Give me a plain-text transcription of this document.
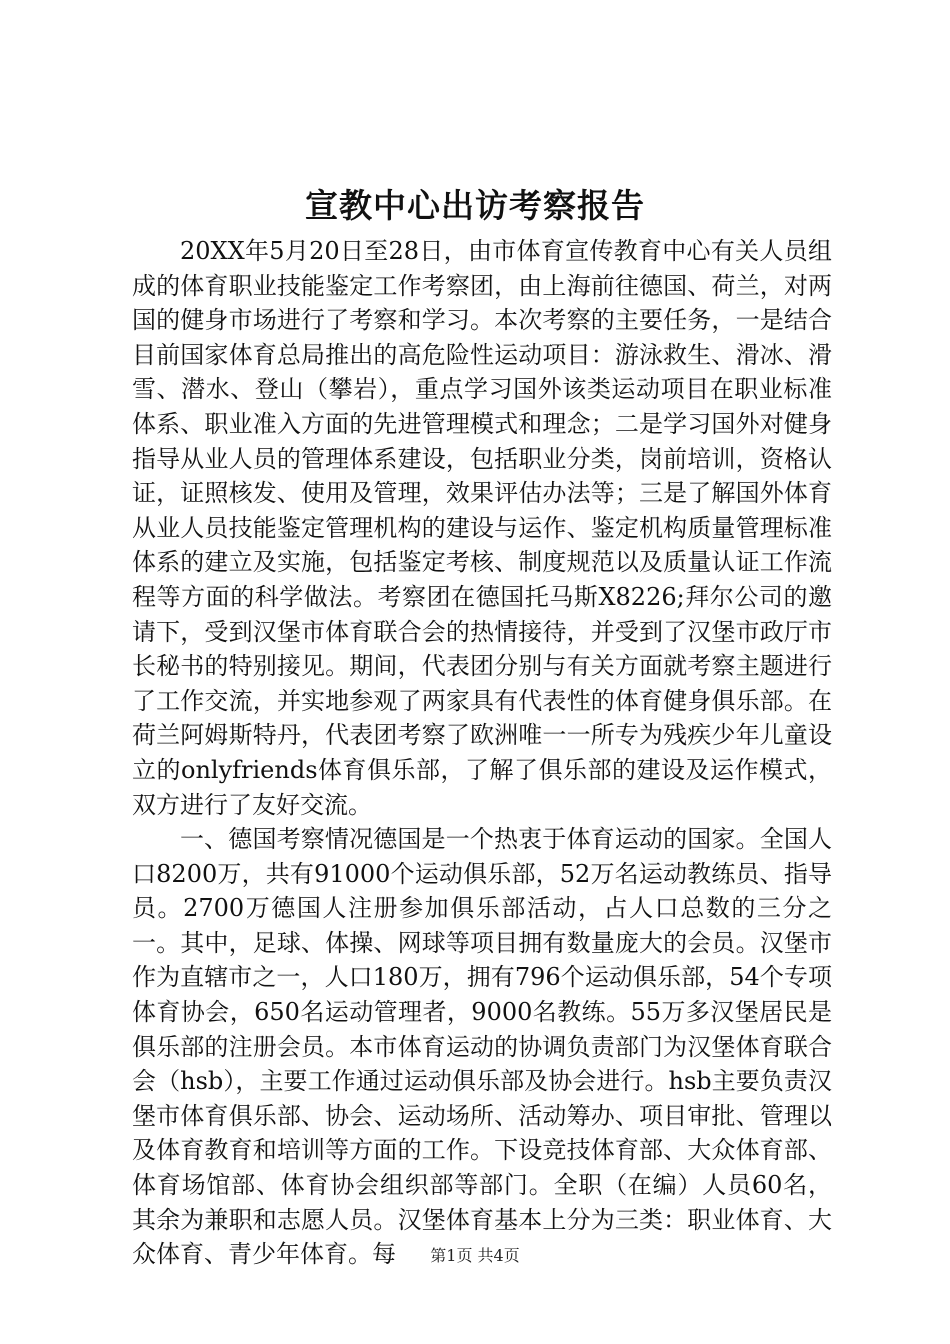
宣教中心出访考察报告

20XX年5月20日至28日，由市体育宣传教育中心有关人员组成的体育职业技能鉴定工作考察团，由上海前往德国、荷兰，对两国的健身市场进行了考察和学习。本次考察的主要任务，一是结合目前国家体育总局推出的高危险性运动项目：游泳救生、滑冰、滑雪、潜水、登山（攀岩），重点学习国外该类运动项目在职业标准体系、职业准入方面的先进管理模式和理念；二是学习国外对健身指导从业人员的管理体系建设，包括职业分类，岗前培训，资格认证，证照核发、使用及管理，效果评估办法等；三是了解国外体育从业人员技能鉴定管理机构的建设与运作、鉴定机构质量管理标准体系的建立及实施，包括鉴定考核、制度规范以及质量认证工作流程等方面的科学做法。考察团在德国托马斯X8226;拜尔公司的邀请下，受到汉堡市体育联合会的热情接待，并受到了汉堡市政厅市长秘书的特别接见。期间，代表团分别与有关方面就考察主题进行了工作交流，并实地参观了两家具有代表性的体育健身俱乐部。在荷兰阿姆斯特丹，代表团考察了欧洲唯一一所专为残疾少年儿童设立的onlyfriends体育俱乐部，了解了俱乐部的建设及运作模式，双方进行了友好交流。

一、德国考察情况德国是一个热衷于体育运动的国家。全国人口8200万，共有91000个运动俱乐部，52万名运动教练员、指导员。2700万德国人注册参加俱乐部活动，占人口总数的三分之一。其中，足球、体操、网球等项目拥有数量庞大的会员。汉堡市作为直辖市之一，人口180万，拥有796个运动俱乐部，54个专项体育协会，650名运动管理者，9000名教练。55万多汉堡居民是俱乐部的注册会员。本市体育运动的协调负责部门为汉堡体育联合会（hsb），主要工作通过运动俱乐部及协会进行。hsb主要负责汉堡市体育俱乐部、协会、运动场所、活动筹办、项目审批、管理以及体育教育和培训等方面的工作。下设竞技体育部、大众体育部、体育场馆部、体育协会组织部等部门。全职（在编）人员60名，其余为兼职和志愿人员。汉堡体育基本上分为三类：职业体育、大众体育、青少年体育。每	第1页 共4页
